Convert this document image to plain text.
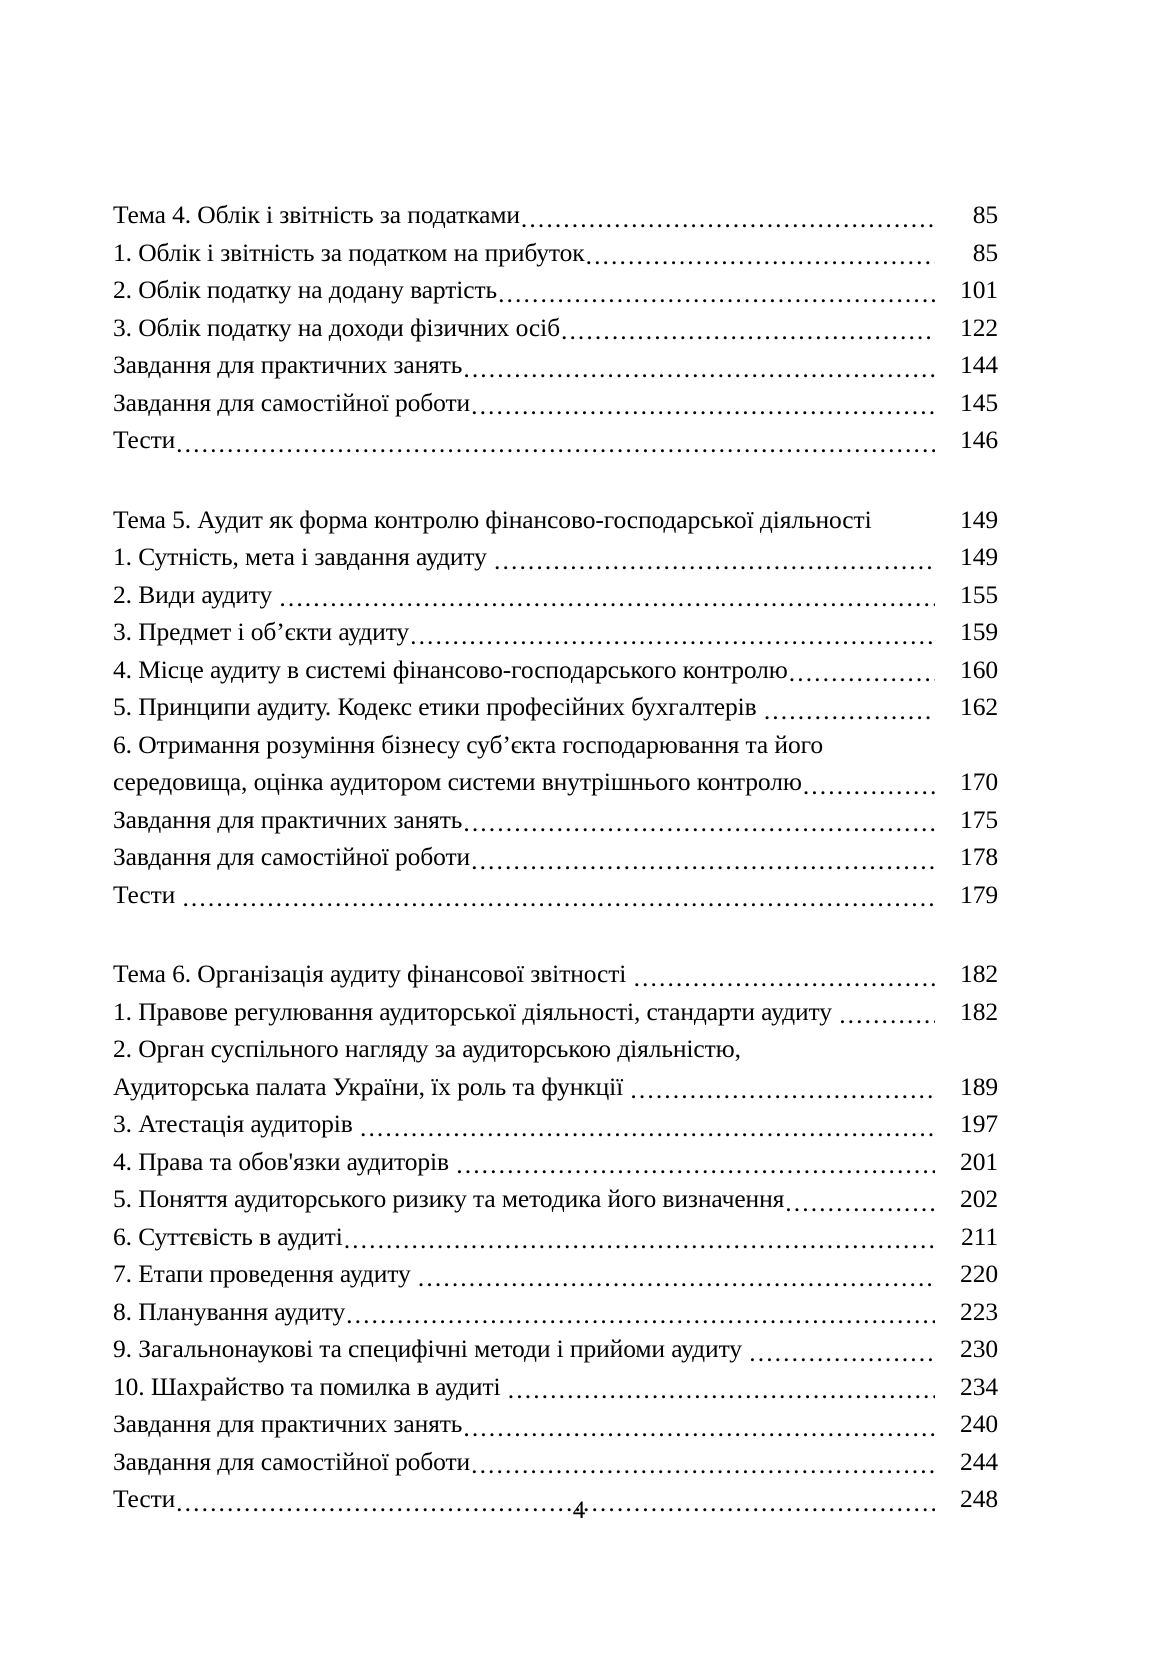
Тема 4. Облік і звітність за податками .....	85
1. Облік і звітність за податком на прибуток .....	85
2. Облік податку на додану вартість .....	101
3. Облік податку на доходи фізичних осіб .....	122
Завдання для практичних занять .....	144
Завдання для самостійної роботи .....	145
Тести .....	146
Тема 5. Аудит як форма контролю фінансово-господарської діяльності	149
1. Сутність, мета і завдання аудиту .....	149
2. Види аудиту .....	155
3. Предмет і об’єкти аудиту .....	159
4. Місце аудиту в системі фінансово-господарського контролю .....	160
5. Принципи аудиту. Кодекс етики професійних бухгалтерів .....	162
6. Отримання розуміння бізнесу суб’єкта господарювання та його
середовища, оцінка аудитором системи внутрішнього контролю .....	170
Завдання для практичних занять .....	175
Завдання для самостійної роботи .....	178
Тести .....	179
Тема 6. Організація аудиту фінансової звітності .....	182
1. Правове регулювання аудиторської діяльності, стандарти аудиту .....	182
2. Орган суспільного нагляду за аудиторською діяльністю,
Аудиторська палата України, їх роль та функції .....	189
3. Атестація аудиторів .....	197
4. Права та обов'язки аудиторів .....	201
5. Поняття аудиторського ризику та методика його визначення .....	202
6. Суттєвість в аудиті .....	211
7. Етапи проведення аудиту .....	220
8. Планування аудиту .....	223
9. Загальнонаукові та специфічні методи і прийоми аудиту .....	230
10. Шахрайство та помилка в аудиті .....	234
Завдання для практичних занять .....	240
Завдання для самостійної роботи .....	244
Тести .....	248
4
